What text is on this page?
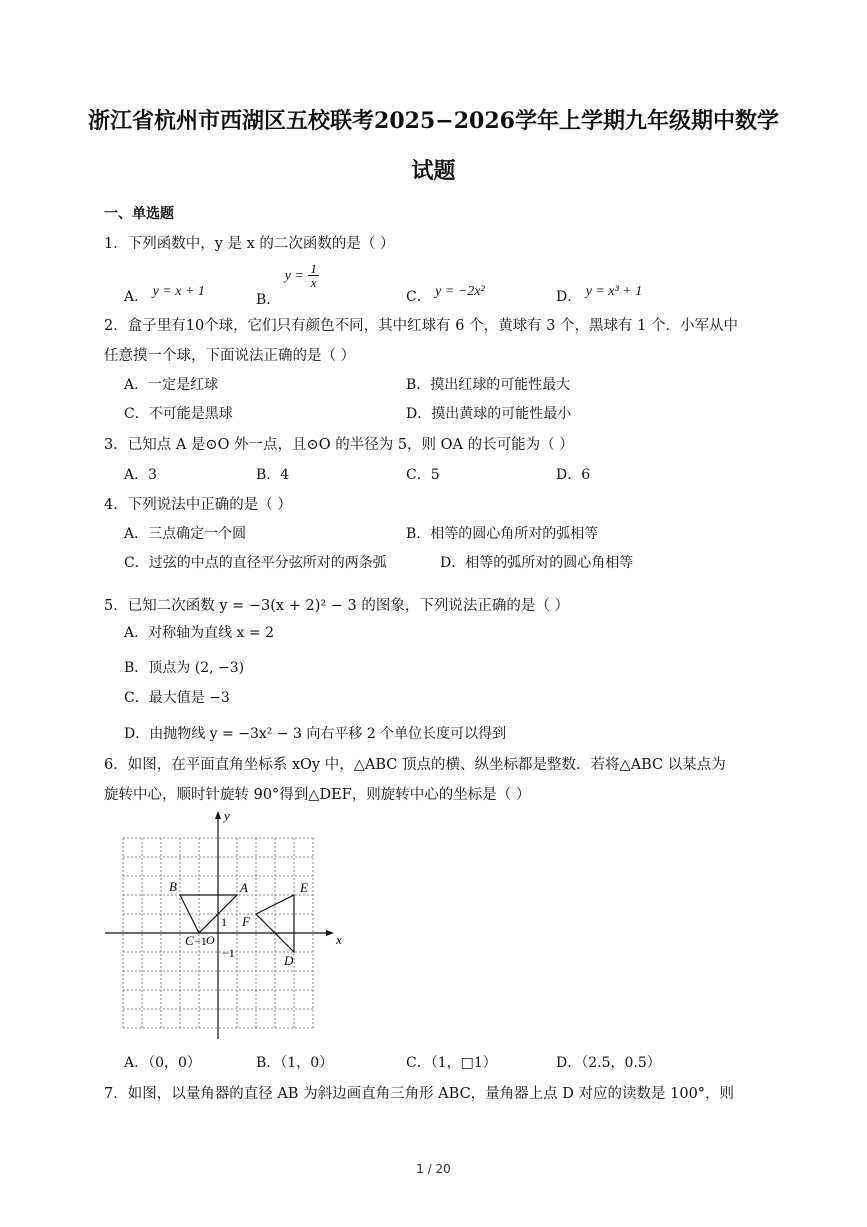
浙江省杭州市西湖区五校联考2025−2026学年上学期九年级期中数学
试题
一、单选题
1．下列函数中，y 是 x 的二次函数的是（ ）
A． y = x + 1	B． $y = \frac{1}{x}$
C． y = −2x²	D． y = x³ + 1
2．盒子里有10个球，它们只有颜色不同，其中红球有 6 个，黄球有 3 个，黑球有 1 个．小军从中
任意摸一个球，下面说法正确的是（ ）
A．一定是红球	B．摸出红球的可能性最大
C．不可能是黑球	D．摸出黄球的可能性最小
3．已知点 A 是⊙O 外一点，且⊙O 的半径为 5，则 OA 的长可能为（ ）
A．3	B．4	C．5	D．6
4．下列说法中正确的是（ ）
A．三点确定一个圆	B．相等的圆心角所对的弧相等
C．过弦的中点的直径平分弦所对的两条弧	D．相等的弧所对的圆心角相等
5．已知二次函数 y = −3(x + 2)² − 3 的图象，下列说法正确的是（ ）
A．对称轴为直线 x = 2
B．顶点为 (2, −3)
C．最大值是 −3
D．由抛物线 y = −3x² − 3 向右平移 2 个单位长度可以得到
6．如图，在平面直角坐标系 xOy 中，△ABC 顶点的横、纵坐标都是整数．若将△ABC 以某点为
旋转中心，顺时针旋转 90°得到△DEF，则旋转中心的坐标是（ ）
x
y
O
A
B
C
D
E
F
1
−1
−1
A．（0，0）	B．（1，0）	C．（1，□1）	D．（2.5，0.5）
7．如图，以量角器的直径 AB 为斜边画直角三角形 ABC，量角器上点 D 对应的读数是 100°，则
1 / 20
